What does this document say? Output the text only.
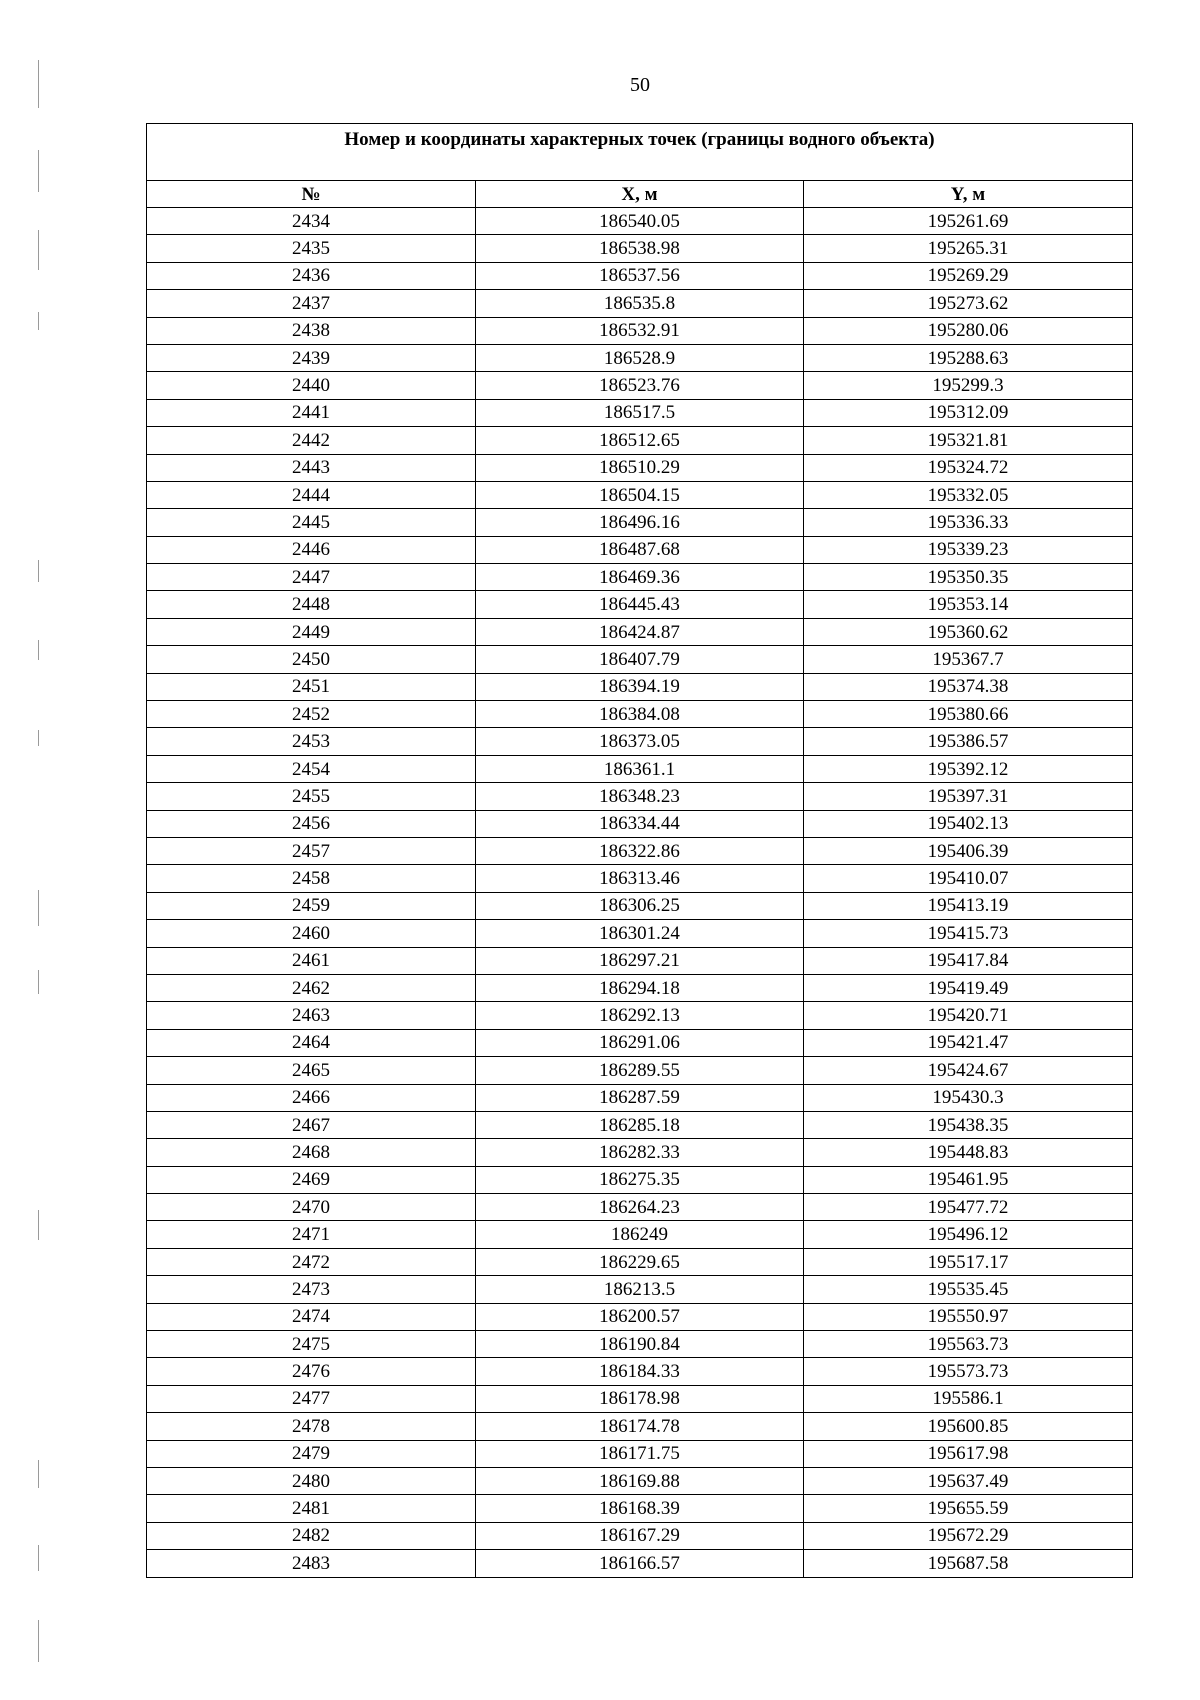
50
Номер и координаты характерных точек (границы водного объекта)		
№	X, м	Y, м
2434	186540.05	195261.69
2435	186538.98	195265.31
2436	186537.56	195269.29
2437	186535.8	195273.62
2438	186532.91	195280.06
2439	186528.9	195288.63
2440	186523.76	195299.3
2441	186517.5	195312.09
2442	186512.65	195321.81
2443	186510.29	195324.72
2444	186504.15	195332.05
2445	186496.16	195336.33
2446	186487.68	195339.23
2447	186469.36	195350.35
2448	186445.43	195353.14
2449	186424.87	195360.62
2450	186407.79	195367.7
2451	186394.19	195374.38
2452	186384.08	195380.66
2453	186373.05	195386.57
2454	186361.1	195392.12
2455	186348.23	195397.31
2456	186334.44	195402.13
2457	186322.86	195406.39
2458	186313.46	195410.07
2459	186306.25	195413.19
2460	186301.24	195415.73
2461	186297.21	195417.84
2462	186294.18	195419.49
2463	186292.13	195420.71
2464	186291.06	195421.47
2465	186289.55	195424.67
2466	186287.59	195430.3
2467	186285.18	195438.35
2468	186282.33	195448.83
2469	186275.35	195461.95
2470	186264.23	195477.72
2471	186249	195496.12
2472	186229.65	195517.17
2473	186213.5	195535.45
2474	186200.57	195550.97
2475	186190.84	195563.73
2476	186184.33	195573.73
2477	186178.98	195586.1
2478	186174.78	195600.85
2479	186171.75	195617.98
2480	186169.88	195637.49
2481	186168.39	195655.59
2482	186167.29	195672.29
2483	186166.57	195687.58
